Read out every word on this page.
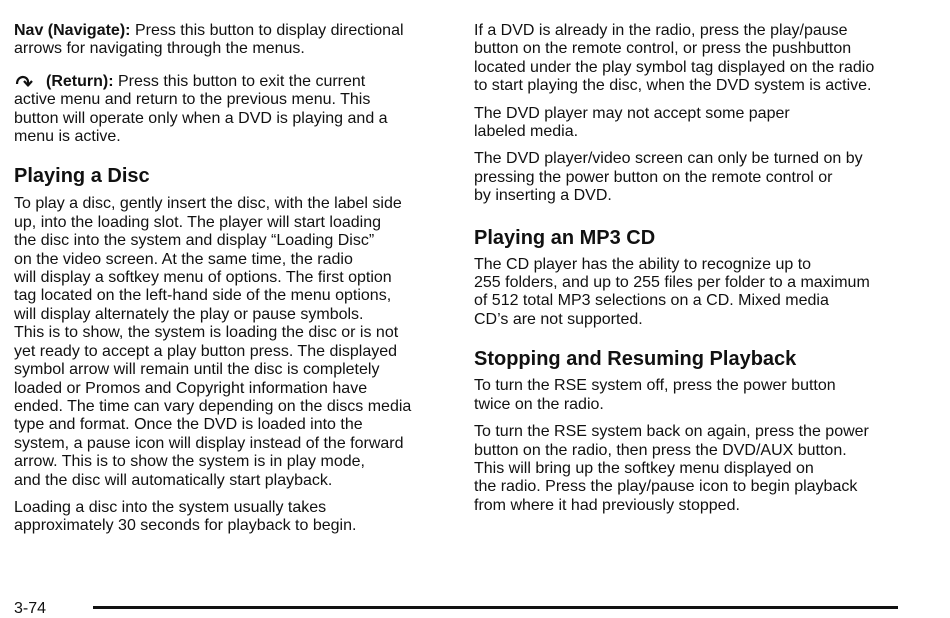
Nav (Navigate): Press this button to display directional
arrows for navigating through the menus.

(Return): Press this button to exit the current
active menu and return to the previous menu. This
button will operate only when a DVD is playing and a
menu is active.

Playing a Disc

To play a disc, gently insert the disc, with the label side
up, into the loading slot. The player will start loading
the disc into the system and display “Loading Disc”
on the video screen. At the same time, the radio
will display a softkey menu of options. The first option
tag located on the left-hand side of the menu options,
will display alternately the play or pause symbols.

This is to show, the system is loading the disc or is not
yet ready to accept a play button press. The displayed
symbol arrow will remain until the disc is completely
loaded or Promos and Copyright information have
ended. The time can vary depending on the discs media
type and format. Once the DVD is loaded into the
system, a pause icon will display instead of the forward
arrow. This is to show the system is in play mode,
and the disc will automatically start playback.

Loading a disc into the system usually takes
approximately 30 seconds for playback to begin.

If a DVD is already in the radio, press the play/pause
button on the remote control, or press the pushbutton
located under the play symbol tag displayed on the radio
to start playing the disc, when the DVD system is active.

The DVD player may not accept some paper
labeled media.

The DVD player/video screen can only be turned on by
pressing the power button on the remote control or
by inserting a DVD.

Playing an MP3 CD

The CD player has the ability to recognize up to
255 folders, and up to 255 files per folder to a maximum
of 512 total MP3 selections on a CD. Mixed media
CD’s are not supported.

Stopping and Resuming Playback

To turn the RSE system off, press the power button
twice on the radio.

To turn the RSE system back on again, press the power
button on the radio, then press the DVD/AUX button.
This will bring up the softkey menu displayed on
the radio. Press the play/pause icon to begin playback
from where it had previously stopped.

3-74
